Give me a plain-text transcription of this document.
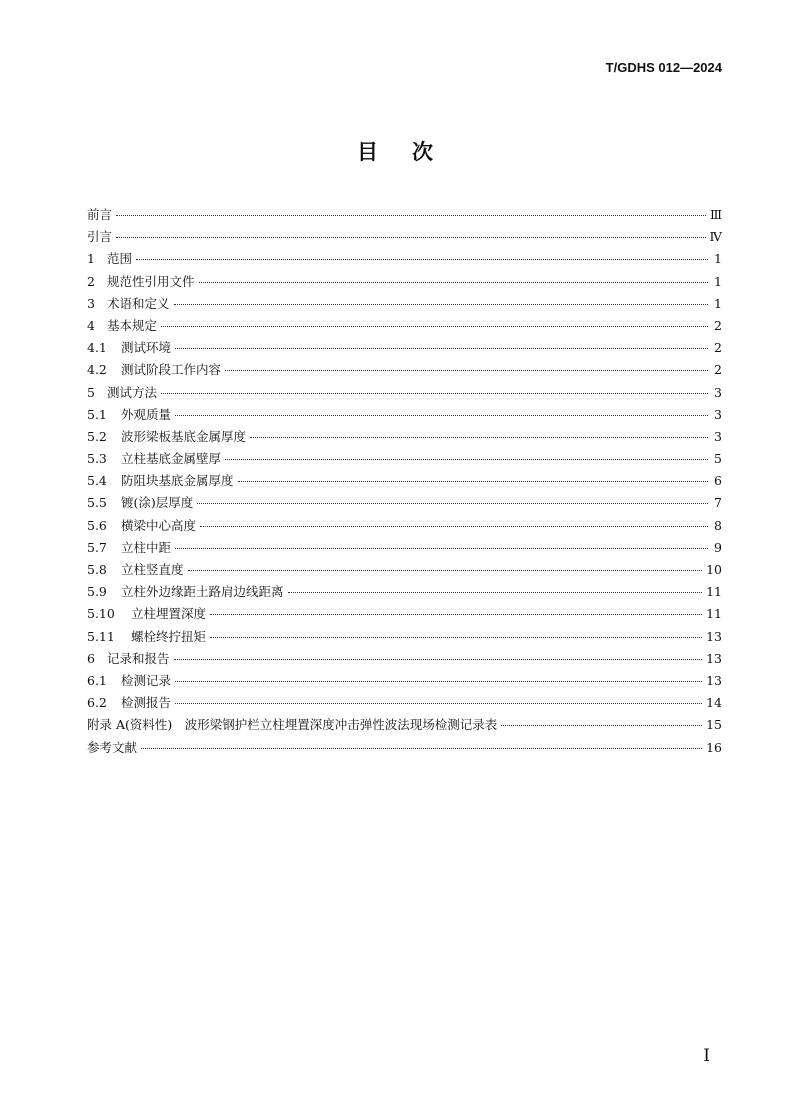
T/GDHS 012—2024
目次
前言	Ⅲ
引言	Ⅳ
1 范围	1
2 规范性引用文件	1
3 术语和定义	1
4 基本规定	2
4.1	测试环境	2
4.2	测试阶段工作内容	2
5 测试方法	3
5.1	外观质量	3
5.2	波形梁板基底金属厚度	3
5.3	立柱基底金属壁厚	5
5.4	防阻块基底金属厚度	6
5.5	镀(涂)层厚度	7
5.6	横梁中心高度	8
5.7	立柱中距	9
5.8	立柱竖直度	10
5.9	立柱外边缘距土路肩边线距离	11
5.10	立柱埋置深度	11
5.11	螺栓终拧扭矩	13
6 记录和报告	13
6.1	检测记录	13
6.2	检测报告	14
附录 A(资料性)　波形梁钢护栏立柱埋置深度冲击弹性波法现场检测记录表	15
参考文献	16
I
